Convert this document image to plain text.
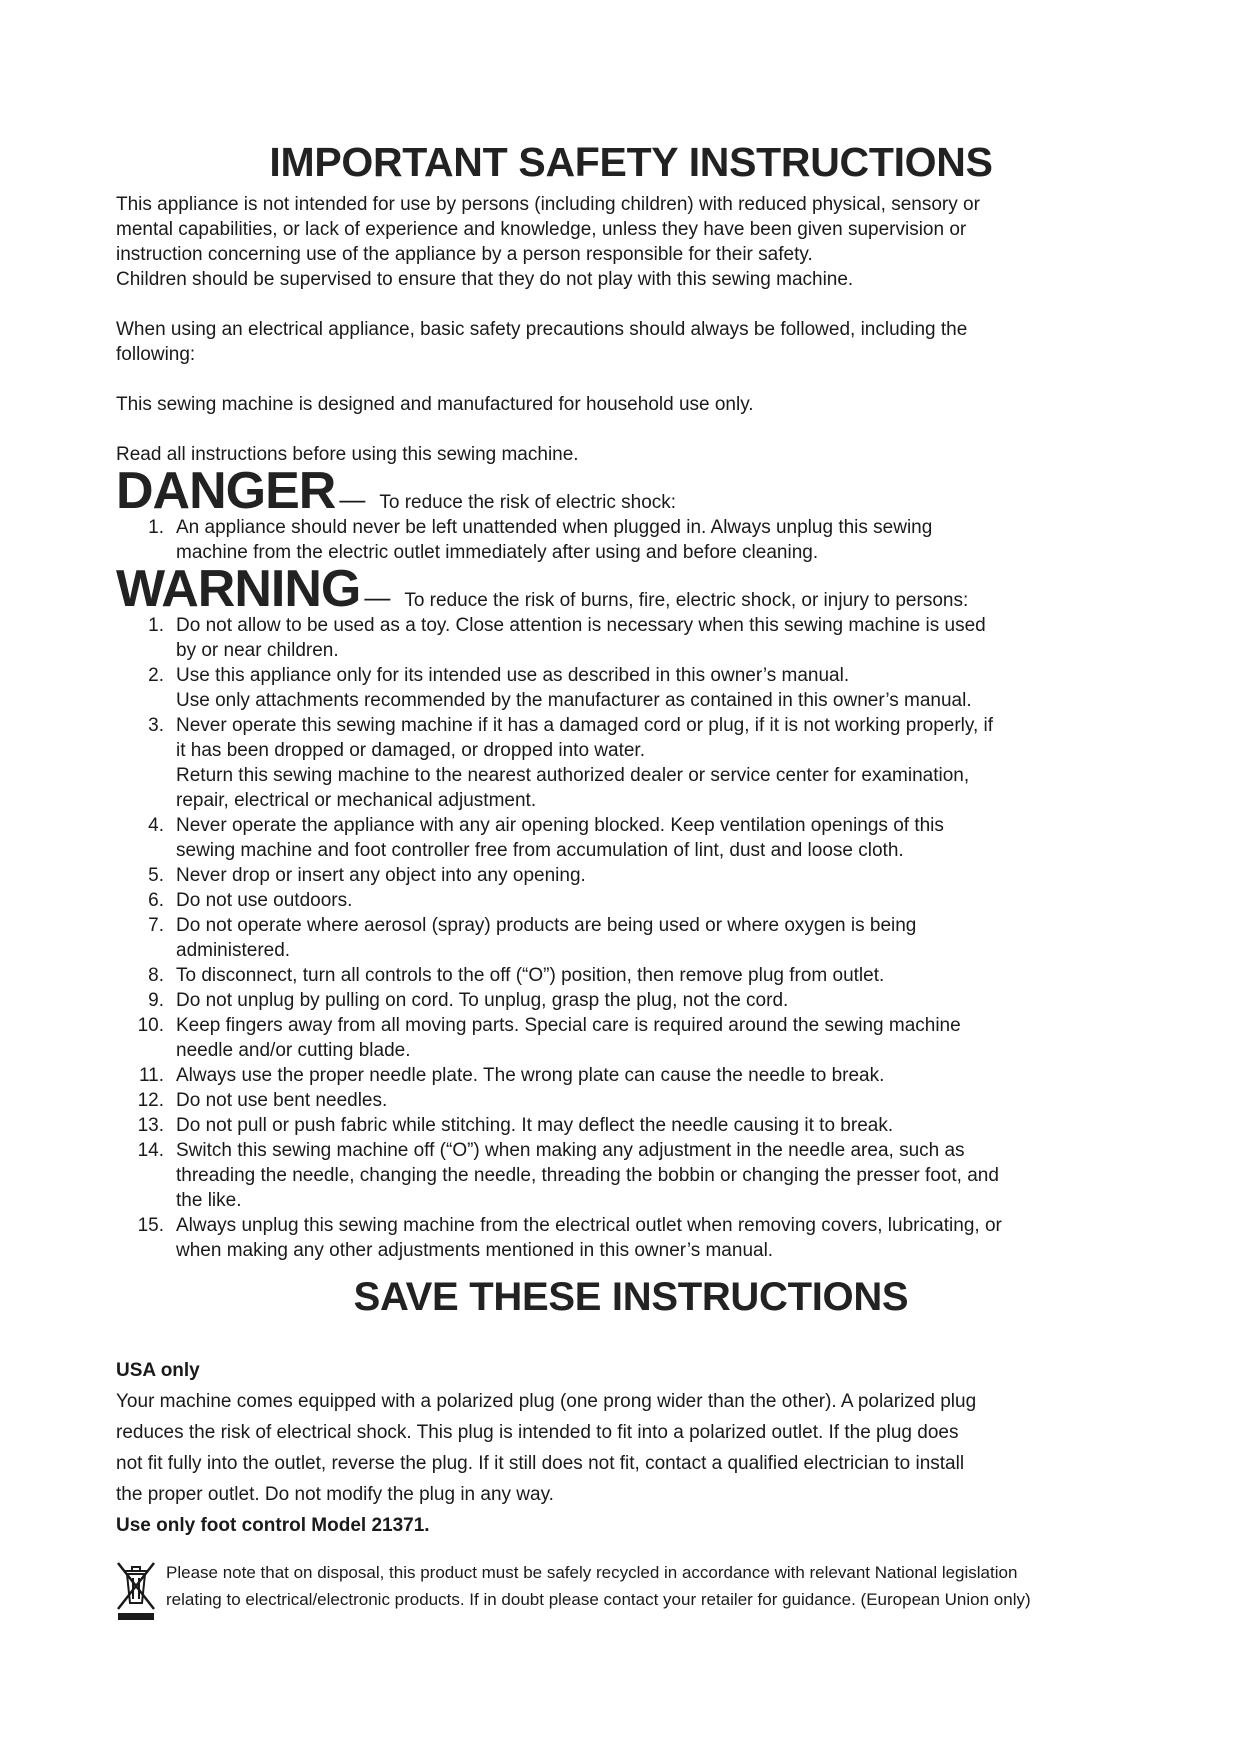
IMPORTANT SAFETY INSTRUCTIONS

This appliance is not intended for use by persons (including children) with reduced physical, sensory or
mental capabilities, or lack of experience and knowledge, unless they have been given supervision or
instruction concerning use of the appliance by a person responsible for their safety.
Children should be supervised to ensure that they do not play with this sewing machine.

When using an electrical appliance, basic safety precautions should always be followed, including the
following:

This sewing machine is designed and manufactured for household use only.

Read all instructions before using this sewing machine.

DANGER — To reduce the risk of electric shock:
1. An appliance should never be left unattended when plugged in. Always unplug this sewing
machine from the electric outlet immediately after using and before cleaning.
WARNING — To reduce the risk of burns, fire, electric shock, or injury to persons:
1. Do not allow to be used as a toy. Close attention is necessary when this sewing machine is used
by or near children.
2. Use this appliance only for its intended use as described in this owner’s manual.
Use only attachments recommended by the manufacturer as contained in this owner’s manual.
3. Never operate this sewing machine if it has a damaged cord or plug, if it is not working properly, if
it has been dropped or damaged, or dropped into water.
Return this sewing machine to the nearest authorized dealer or service center for examination,
repair, electrical or mechanical adjustment.
4. Never operate the appliance with any air opening blocked. Keep ventilation openings of this
sewing machine and foot controller free from accumulation of lint, dust and loose cloth.
5. Never drop or insert any object into any opening.
6. Do not use outdoors.
7. Do not operate where aerosol (spray) products are being used or where oxygen is being
administered.
8. To disconnect, turn all controls to the off (“O”) position, then remove plug from outlet.
9. Do not unplug by pulling on cord. To unplug, grasp the plug, not the cord.
10. Keep fingers away from all moving parts. Special care is required around the sewing machine
needle and/or cutting blade.
11. Always use the proper needle plate. The wrong plate can cause the needle to break.
12. Do not use bent needles.
13. Do not pull or push fabric while stitching. It may deflect the needle causing it to break.
14. Switch this sewing machine off (“O”) when making any adjustment in the needle area, such as
threading the needle, changing the needle, threading the bobbin or changing the presser foot, and
the like.
15. Always unplug this sewing machine from the electrical outlet when removing covers, lubricating, or
when making any other adjustments mentioned in this owner’s manual.
SAVE THESE INSTRUCTIONS

USA only

Your machine comes equipped with a polarized plug (one prong wider than the other). A polarized plug
reduces the risk of electrical shock. This plug is intended to fit into a polarized outlet. If the plug does
not fit fully into the outlet, reverse the plug. If it still does not fit, contact a qualified electrician to install
the proper outlet. Do not modify the plug in any way.

Use only foot control Model 21371.

Please note that on disposal, this product must be safely recycled in accordance with relevant National legislation
relating to electrical/electronic products. If in doubt please contact your retailer for guidance. (European Union only)
